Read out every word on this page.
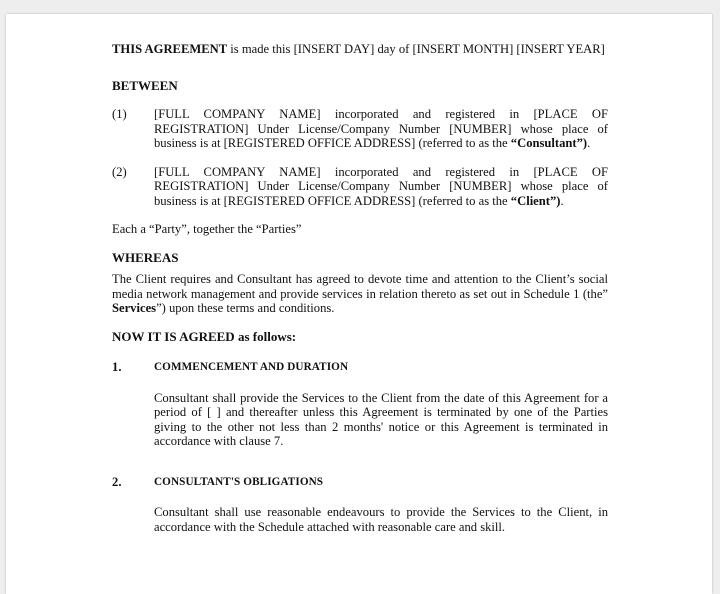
THIS AGREEMENT is made this [INSERT DAY] day of [INSERT MONTH] [INSERT YEAR]

BETWEEN

(1) [FULL COMPANY NAME] incorporated and registered in [PLACE OF REGISTRATION] Under License/Company Number [NUMBER] whose place of business is at [REGISTERED OFFICE ADDRESS] (referred to as the “Consultant”).
(2) [FULL COMPANY NAME] incorporated and registered in [PLACE OF REGISTRATION] Under License/Company Number [NUMBER] whose place of business is at [REGISTERED OFFICE ADDRESS] (referred to as the “Client”).

Each a “Party”, together the “Parties”

WHEREAS

The Client requires and Consultant has agreed to devote time and attention to the Client’s social media network management and provide services in relation thereto as set out in Schedule 1 (the” Services”) upon these terms and conditions.

NOW IT IS AGREED as follows:

1.	COMMENCEMENT AND DURATION

Consultant shall provide the Services to the Client from the date of this Agreement for a period of [ ] and thereafter unless this Agreement is terminated by one of the Parties giving to the other not less than 2 months' notice or this Agreement is terminated in accordance with clause 7.

2.	CONSULTANT'S OBLIGATIONS

Consultant shall use reasonable endeavours to provide the Services to the Client, in accordance with the Schedule attached with reasonable care and skill.
